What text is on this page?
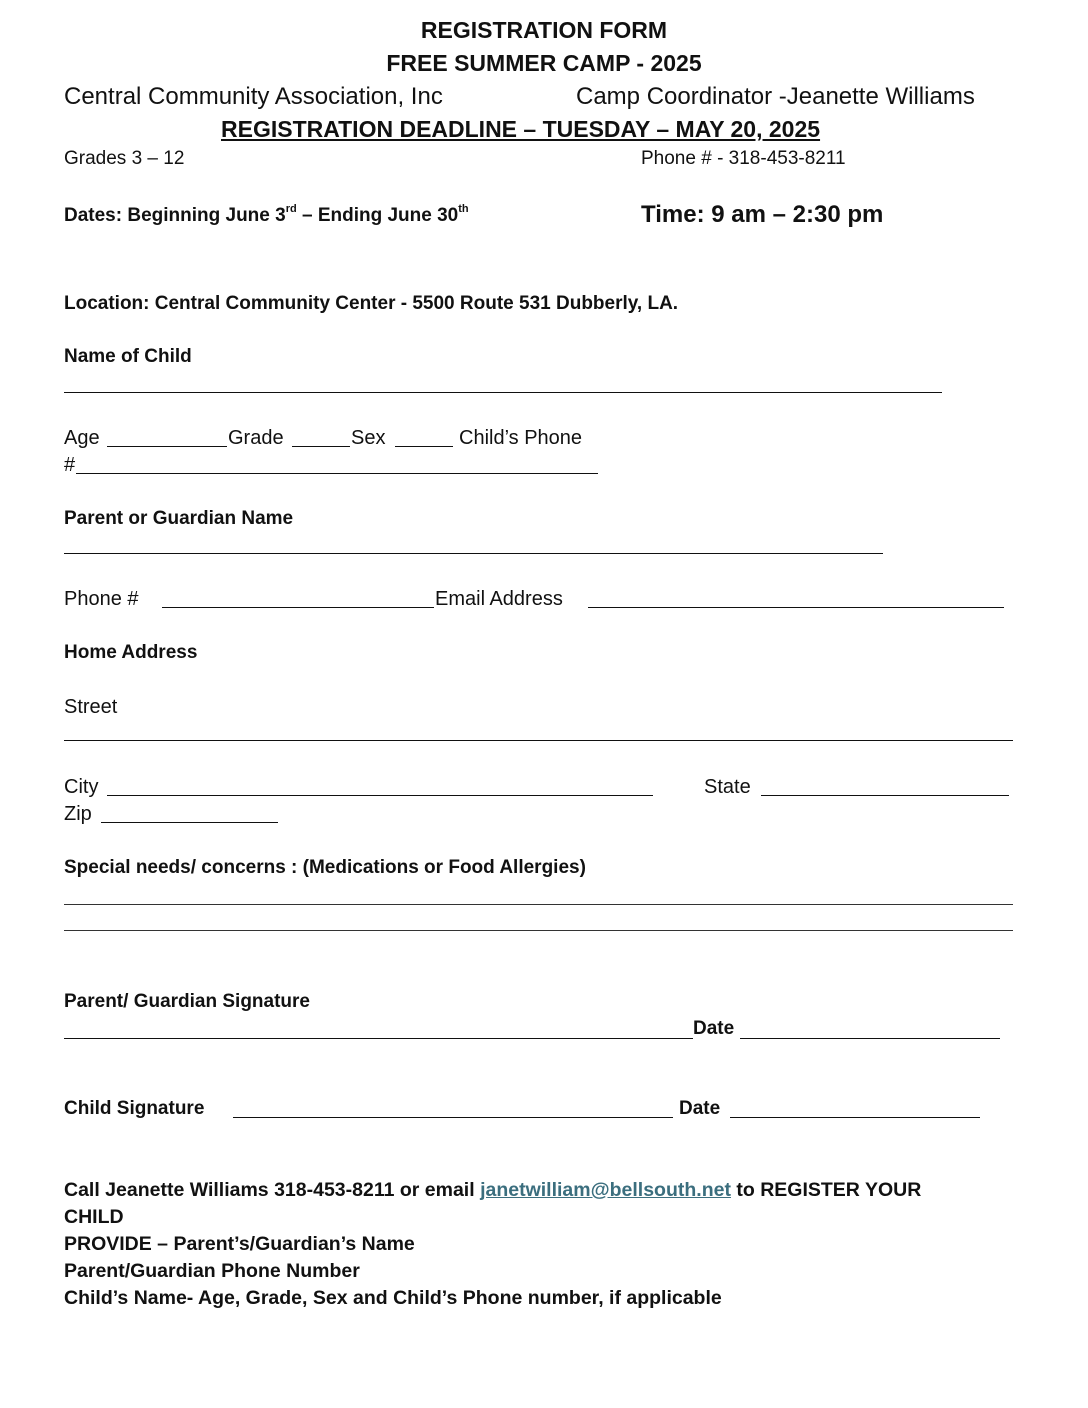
REGISTRATION FORM
FREE SUMMER CAMP - 2025
Central Community Association, Inc	Camp Coordinator -Jeanette Williams
REGISTRATION DEADLINE – TUESDAY – MAY 20, 2025
Grades 3 – 12	Phone # - 318-453-8211
Dates: Beginning June 3rd – Ending June 30th	Time: 9 am – 2:30 pm
Location: Central Community Center - 5500 Route 531 Dubberly, LA.
Name of Child
Age	Grade	Sex	Child’s Phone
#
Parent or Guardian Name
Phone #	Email Address
Home Address
Street
City	State
Zip
Special needs/ concerns : (Medications or Food Allergies)
Parent/ Guardian Signature
Date
Child Signature	Date
Call Jeanette Williams 318-453-8211 or email janetwilliam@bellsouth.net to REGISTER YOUR
CHILD
PROVIDE – Parent’s/Guardian’s Name
Parent/Guardian Phone Number
Child’s Name- Age, Grade, Sex and Child’s Phone number, if applicable
